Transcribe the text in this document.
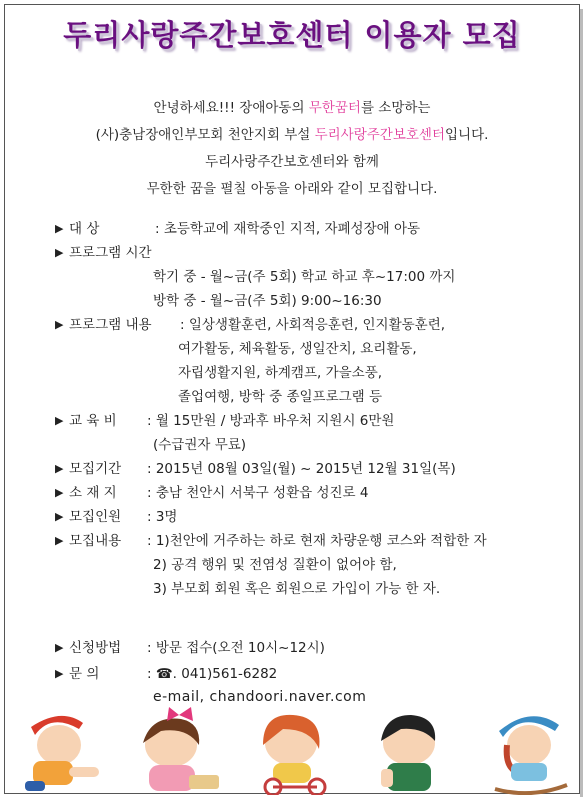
두리사랑주간보호센터 이용자 모집
안녕하세요!!! 장애아동의 무한꿈터를 소망하는
(사)충남장애인부모회 천안지회 부설 두리사랑주간보호센터입니다.
두리사랑주간보호센터와 함께
무한한 꿈을 펼칠 아동을 아래와 같이 모집합니다.
▶ 대 상	: 초등학교에 재학중인 지적, 자폐성장애 아동
▶ 프로그램 시간
학기 중 - 월~금(주 5회) 학교 하교 후~17:00 까지
방학 중 - 월~금(주 5회) 9:00~16:30
▶ 프로그램 내용	: 일상생활훈련, 사회적응훈련, 인지활동훈련,
여가활동, 체육활동, 생일잔치, 요리활동,
자립생활지원, 하계캠프, 가을소풍,
졸업여행, 방학 중 종일프로그램 등
▶ 교 육 비	: 월 15만원 / 방과후 바우처 지원시 6만원
(수급권자 무료)
▶ 모집기간	: 2015년 08월 03일(월) ~ 2015년 12월 31일(목)
▶ 소 재 지	: 충남 천안시 서북구 성환읍 성진로 4
▶ 모집인원	: 3명
▶ 모집내용	: 1)천안에 거주하는 하로 현재 차량운행 코스와 적합한 자
2) 공격 행위 및 전염성 질환이 없어야 함,
3) 부모회 회원 혹은 회원으로 가입이 가능 한 자.
▶ 신청방법	: 방문 접수(오전 10시~12시)
▶ 문 의	: ☎. 041)561-6282
e-mail, chandoori.naver.com
